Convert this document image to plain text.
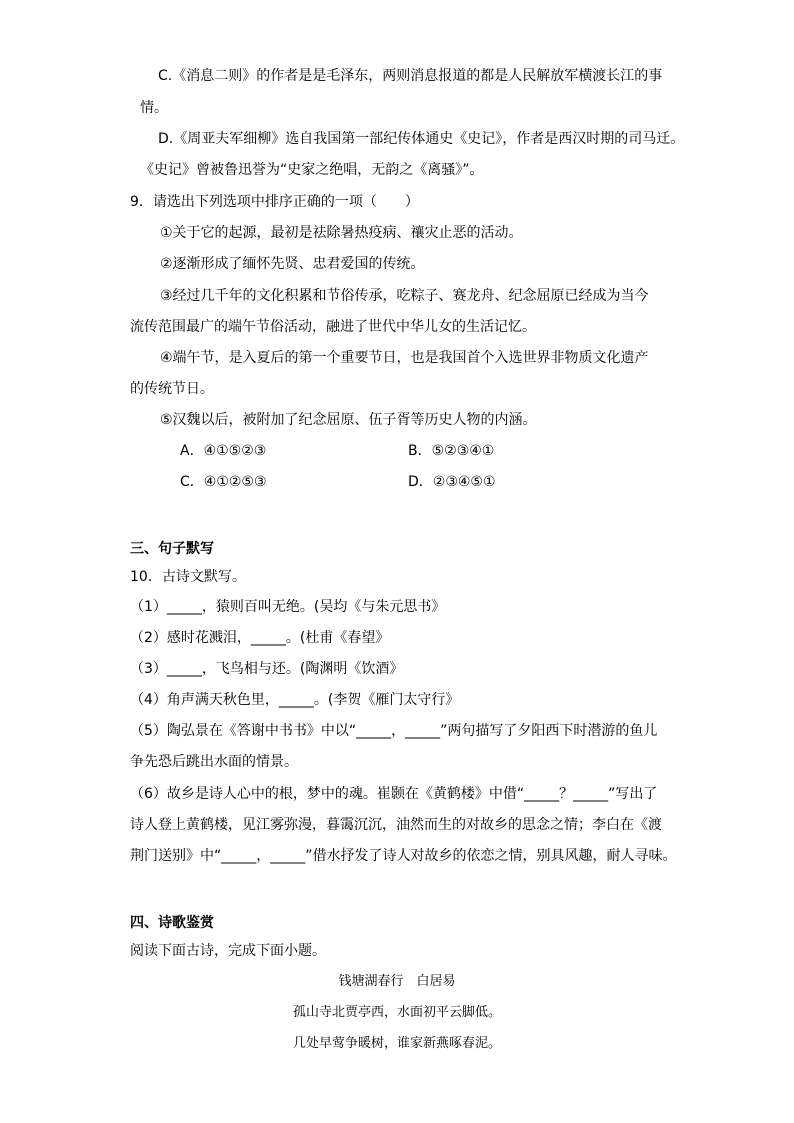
C.《消息二则》的作者是是毛泽东，两则消息报道的都是人民解放军横渡长江的事
情。
D.《周亚夫军细柳》选自我国第一部纪传体通史《史记》，作者是西汉时期的司马迁。
《史记》曾被鲁迅誉为“史家之绝唱，无韵之《离骚》”。
9．请选出下列选项中排序正确的一项（　　）
①关于它的起源，最初是祛除暑热疫病、禳灾止恶的活动。
②逐渐形成了缅怀先贤、忠君爱国的传统。
③经过几千年的文化积累和节俗传承，吃粽子、赛龙舟、纪念屈原已经成为当今
流传范围最广的端午节俗活动，融进了世代中华儿女的生活记忆。
④端午节，是入夏后的第一个重要节日，也是我国首个入选世界非物质文化遗产
的传统节日。
⑤汉魏以后，被附加了纪念屈原、伍子胥等历史人物的内涵。
A．④①⑤②③	B．⑤②③④①
C．④①②⑤③	D．②③④⑤①
三、句子默写
10．古诗文默写。
（1）_____，猿则百叫无绝。(吴均《与朱元思书》
（2）感时花溅泪，_____。(杜甫《春望》
（3）_____，飞鸟相与还。(陶渊明《饮酒》
（4）角声满天秋色里，_____。(李贺《雁门太守行》
（5）陶弘景在《答谢中书书》中以“_____，_____”两句描写了夕阳西下时潜游的鱼儿
争先恐后跳出水面的情景。
（6）故乡是诗人心中的根，梦中的魂。崔颢在《黄鹤楼》中借“_____？_____”写出了
诗人登上黄鹤楼，见江雾弥漫，暮霭沉沉，油然而生的对故乡的思念之情；李白在《渡
荆门送别》中“_____，_____”借水抒发了诗人对故乡的依恋之情，别具风趣，耐人寻味。
四、诗歌鉴赏
阅读下面古诗，完成下面小题。
钱塘湖春行　白居易
孤山寺北贾亭西，水面初平云脚低。
几处早莺争暖树，谁家新燕啄春泥。
